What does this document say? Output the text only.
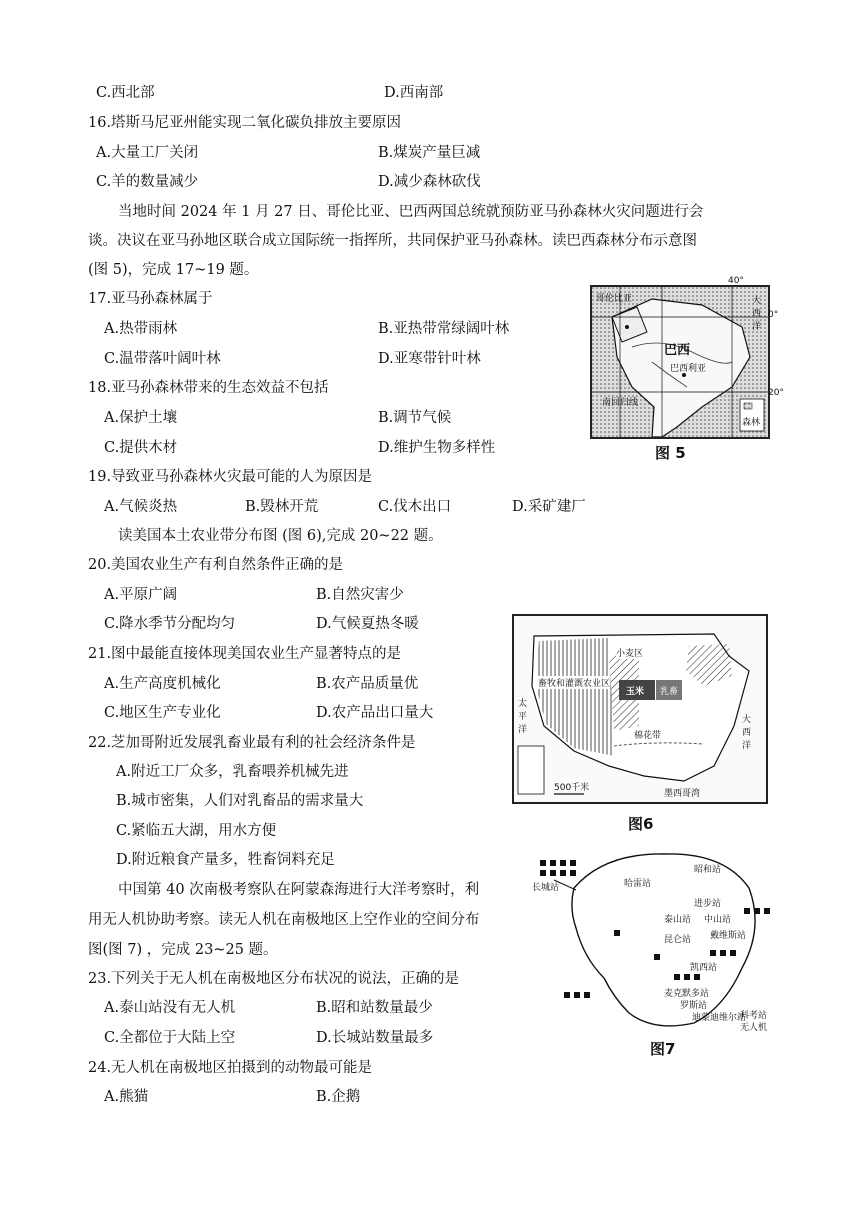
C.西北部	D.西南部
16.塔斯马尼亚州能实现二氧化碳负排放主要原因
A.大量工厂关闭	B.煤炭产量巨减
C.羊的数量减少	D.减少森林砍伐
当地时间 2024 年 1 月 27 日、哥伦比亚、巴西两国总统就预防亚马孙森林火灾问题进行会
谈。决议在亚马孙地区联合成立国际统一指挥所，共同保护亚马孙森林。读巴西森林分布示意图
(图 5)，完成 17~19 题。
17.亚马孙森林属于
A.热带雨林	B.亚热带常绿阔叶林
C.温带落叶阔叶林	D.亚寒带针叶林
18.亚马孙森林带来的生态效益不包括
A.保护土壤	B.调节气候
C.提供木材	D.维护生物多样性
19.导致亚马孙森林火灾最可能的人为原因是
A.气候炎热	B.毁林开荒	C.伐木出口	D.采矿建厂
读美国本土农业带分布图 (图 6),完成 20~22 题。
20.美国农业生产有利自然条件正确的是
A.平原广阔	B.自然灾害少
C.降水季节分配均匀	D.气候夏热冬暖
21.图中最能直接体现美国农业生产显著特点的是
A.生产高度机械化	B.农产品质量优
C.地区生产专业化	D.农产品出口量大
22.芝加哥附近发展乳畜业最有利的社会经济条件是
A.附近工厂众多，乳畜喂养机械先进
B.城市密集，人们对乳畜品的需求量大
C.紧临五大湖，用水方便
D.附近粮食产量多，牲畜饲料充足
中国第 40 次南极考察队在阿蒙森海进行大洋考察时，利
用无人机协助考察。读无人机在南极地区上空作业的空间分布
图(图 7) ，完成 23~25 题。
23.下列关于无人机在南极地区分布状况的说法，正确的是
A.泰山站没有无人机	B.昭和站数量最少
C.全都位于大陆上空	D.长城站数量最多
24.无人机在南极地区拍摄到的动物最可能是
A.熊猫	B.企鹅
哥伦比亚
巴西
巴西利亚
南回归线
大西洋
森林
40°
0°
20°
图 5
畜牧和灌溉农业区
玉米 乳畜
小麦区
棉花带
大西洋
太平洋
墨西哥湾
500千米
图6
长城站	哈雷站
昭和站
进步站
中山站
泰山站
戴维斯站
昆仑站
凯西站
麦克默多站
罗斯站
迪蒙迪维尔站
科考站
无人机
图7
